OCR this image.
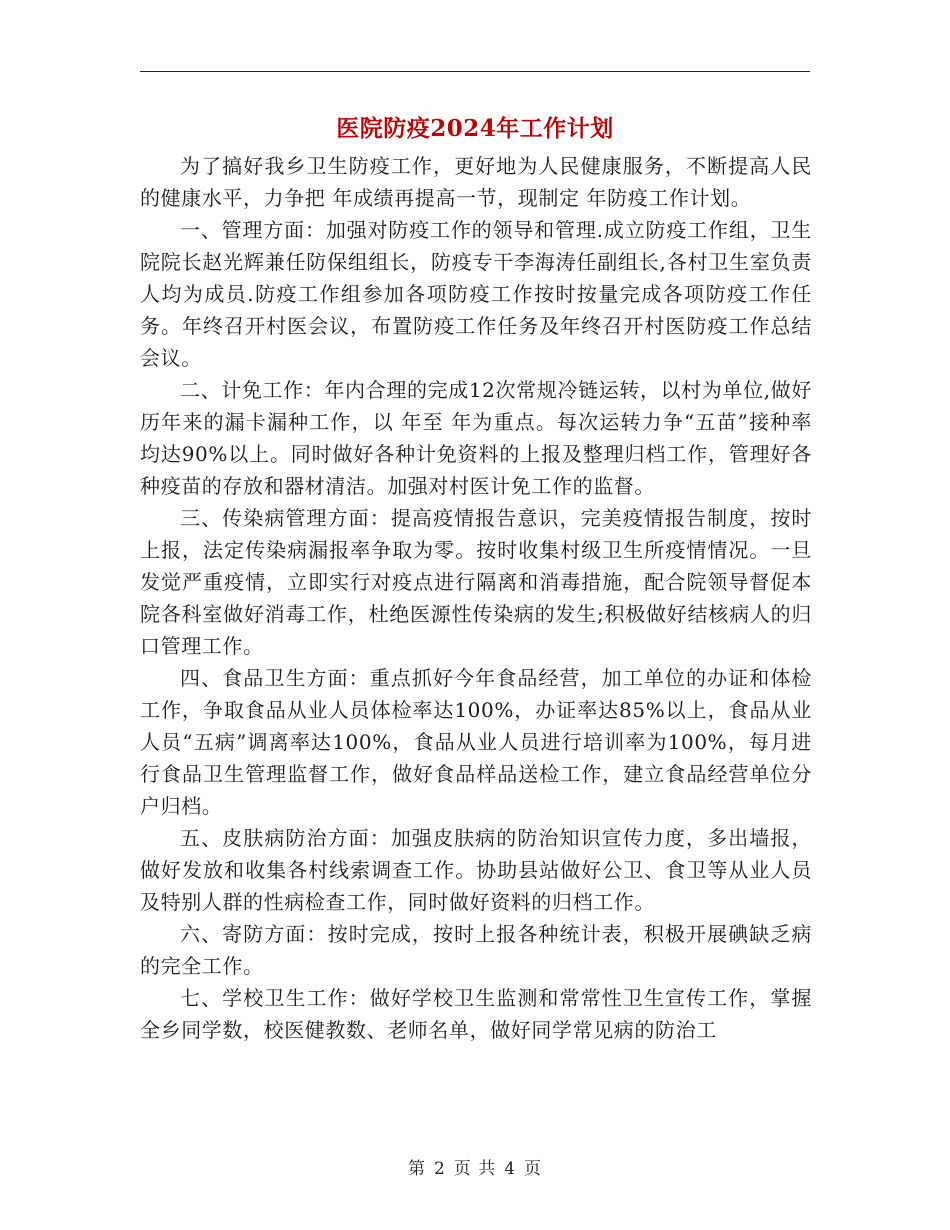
医院防疫2024年工作计划

为了搞好我乡卫生防疫工作，更好地为人民健康服务，不断提高人民的健康水平，力争把 年成绩再提高一节，现制定 年防疫工作计划。

一、管理方面：加强对防疫工作的领导和管理.成立防疫工作组，卫生院院长赵光辉兼任防保组组长，防疫专干李海涛任副组长,各村卫生室负责人均为成员.防疫工作组参加各项防疫工作按时按量完成各项防疫工作任务。年终召开村医会议，布置防疫工作任务及年终召开村医防疫工作总结会议。

二、计免工作：年内合理的完成12次常规冷链运转，以村为单位,做好历年来的漏卡漏种工作，以 年至 年为重点。每次运转力争“五苗”接种率均达90%以上。同时做好各种计免资料的上报及整理归档工作，管理好各种疫苗的存放和器材清洁。加强对村医计免工作的监督。

三、传染病管理方面：提高疫情报告意识，完美疫情报告制度，按时上报，法定传染病漏报率争取为零。按时收集村级卫生所疫情情况。一旦发觉严重疫情，立即实行对疫点进行隔离和消毒措施，配合院领导督促本院各科室做好消毒工作，杜绝医源性传染病的发生;积极做好结核病人的归口管理工作。

四、食品卫生方面：重点抓好今年食品经营，加工单位的办证和体检工作，争取食品从业人员体检率达100%，办证率达85%以上，食品从业人员“五病”调离率达100%，食品从业人员进行培训率为100%，每月进行食品卫生管理监督工作，做好食品样品送检工作，建立食品经营单位分户归档。

五、皮肤病防治方面：加强皮肤病的防治知识宣传力度，多出墙报，做好发放和收集各村线索调查工作。协助县站做好公卫、食卫等从业人员及特别人群的性病检查工作，同时做好资料的归档工作。

六、寄防方面：按时完成，按时上报各种统计表，积极开展碘缺乏病的完全工作。

七、学校卫生工作：做好学校卫生监测和常常性卫生宣传工作，掌握全乡同学数，校医健教数、老师名单，做好同学常见病的防治工

第 2 页 共 4 页
